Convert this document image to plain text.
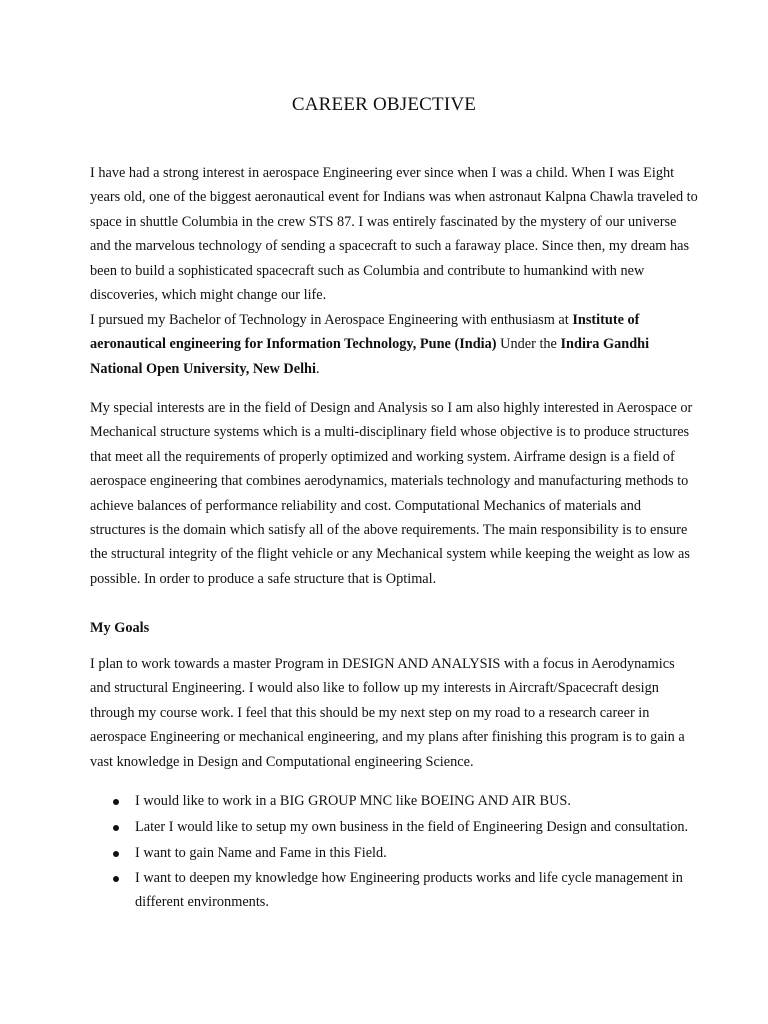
CAREER OBJECTIVE
I have had a strong interest in aerospace Engineering ever since when I was a child. When I was Eight
years old, one of the biggest aeronautical event for Indians was when astronaut Kalpna Chawla traveled to
space in shuttle Columbia in the crew STS 87. I was entirely fascinated by the mystery of our universe
and the marvelous technology of sending a spacecraft to such a faraway place. Since then, my dream has
been to build a sophisticated spacecraft such as Columbia and contribute to humankind with new
discoveries, which might change our life.
I pursued my Bachelor of Technology in Aerospace Engineering with enthusiasm at Institute of
aeronautical engineering for Information Technology, Pune (India) Under the Indira Gandhi
National Open University, New Delhi.
My special interests are in the field of Design and Analysis so I am also highly interested in Aerospace or
Mechanical structure systems which is a multi-disciplinary field whose objective is to produce structures
that meet all the requirements of properly optimized and working system. Airframe design is a field of
aerospace engineering that combines aerodynamics, materials technology and manufacturing methods to
achieve balances of performance reliability and cost. Computational Mechanics of materials and
structures is the domain which satisfy all of the above requirements. The main responsibility is to ensure
the structural integrity of the flight vehicle or any Mechanical system while keeping the weight as low as
possible. In order to produce a safe structure that is Optimal.
My Goals
I plan to work towards a master Program in DESIGN AND ANALYSIS with a focus in Aerodynamics
and structural Engineering. I would also like to follow up my interests in Aircraft/Spacecraft design
through my course work. I feel that this should be my next step on my road to a research career in
aerospace Engineering or mechanical engineering, and my plans after finishing this program is to gain a
vast knowledge in Design and Computational engineering Science.
I would like to work in a BIG GROUP MNC like BOEING AND AIR BUS.
Later I would like to setup my own business in the field of Engineering Design and consultation.
I want to gain Name and Fame in this Field.
I want to deepen my knowledge how Engineering products works and life cycle management in
different environments.
